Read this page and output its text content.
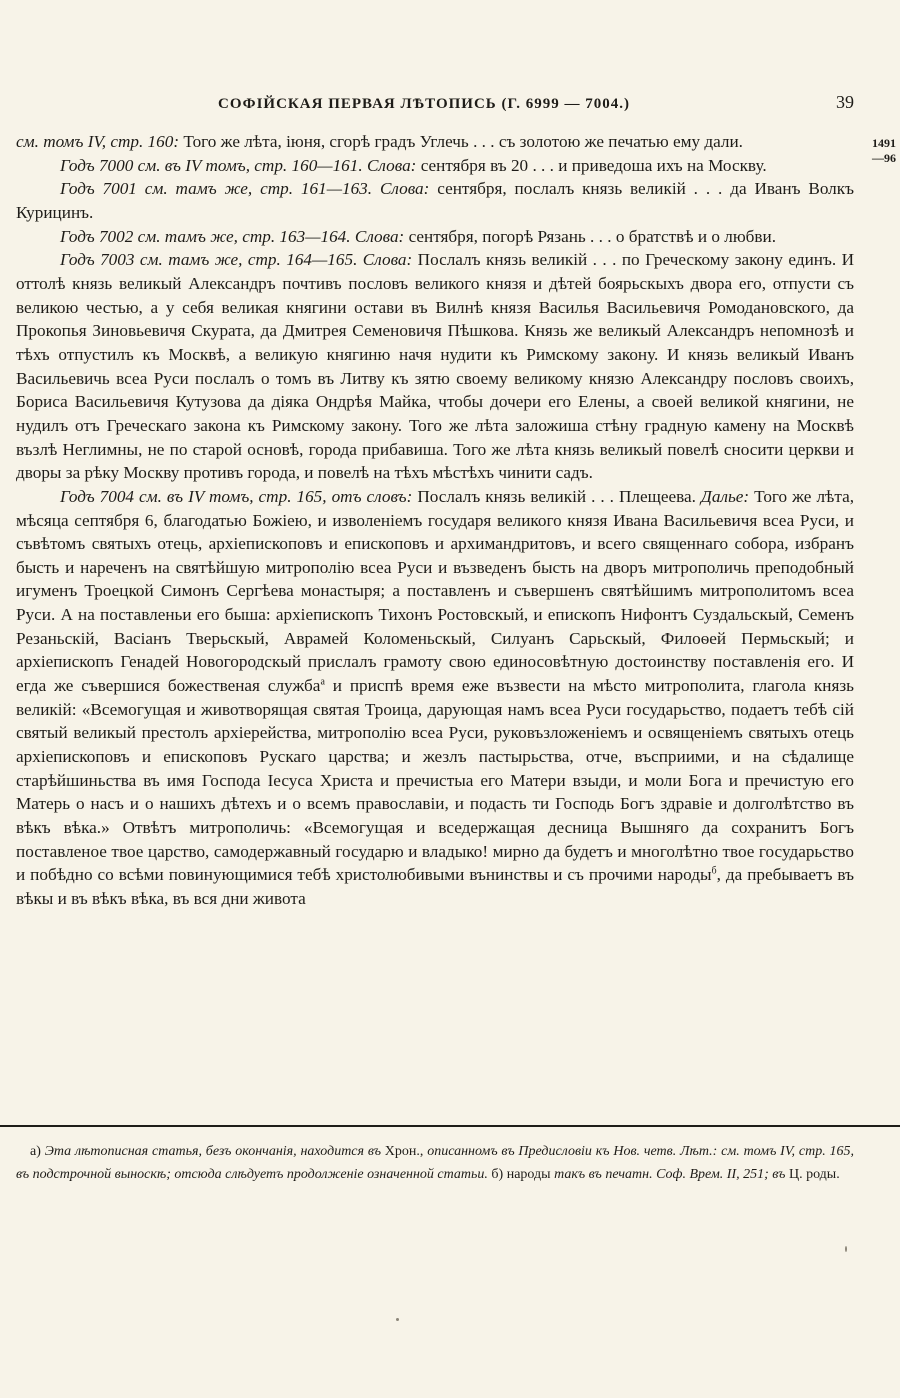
СОФІЙСКАЯ ПЕРВАЯ ЛѢТОПИСЬ (Г. 6999 — 7004.)	39
1491
—96

см. томъ IV, стр. 160: Того же лѣта, іюня, сгорѣ градъ Углечь . . . съ золотою же печатью ему дали.

Годъ 7000 см. въ IV томъ, стр. 160—161. Слова: сентября въ 20 . . . и приведоша ихъ на Москву.

Годъ 7001 см. тамъ же, стр. 161—163. Слова: сентября, послалъ князь великій . . . да Иванъ Волкъ Курицинъ.

Годъ 7002 см. тамъ же, стр. 163—164. Слова: сентября, погорѣ Рязань . . . о братствѣ и о любви.

Годъ 7003 см. тамъ же, стр. 164—165. Слова: Послалъ князь великій . . . по Греческому закону единъ. И оттолѣ князь великый Александръ почтивъ пословъ великого князя и дѣтей боярьскыхъ двора его, отпусти съ великою честью, а у себя великая княгини остави въ Вилнѣ князя Василья Васильевичя Ромодановского, да Прокопья Зиновьевичя Скурата, да Дмитрея Семеновичя Пѣшкова. Князь же великый Александръ непомнозѣ и тѣхъ отпустилъ къ Москвѣ, а великую княгиню начя нудити къ Римскому закону. И князь великый Иванъ Васильевичь всеа Руси послалъ о томъ въ Литву къ зятю своему великому князю Александру пословъ своихъ, Бориса Васильевичя Кутузова да діяка Ондрѣя Майка, чтобы дочери его Елены, а своей великой княгини, не нудилъ отъ Греческаго закона къ Римскому закону. Того же лѣта заложиша стѣну градную камену на Москвѣ възлѣ Неглимны, не по старой основѣ, города прибавиша. Того же лѣта князь великый повелѣ сносити церкви и дворы за рѣку Москву противъ города, и повелѣ на тѣхъ мѣстѣхъ чинити садъ.

Годъ 7004 см. въ IV томъ, стр. 165, отъ словъ: Послалъ князь великій . . . Плещеева. Далье: Того же лѣта, мѣсяца септября 6, благодатью Божіею, и изволеніемъ государя великого князя Ивана Васильевичя всеа Руси, и съвѣтомъ святыхъ отець, архіепископовъ и епископовъ и архимандритовъ, и всего священнаго собора, избранъ бысть и нареченъ на святѣйшую митрополію всеа Руси и възведенъ бысть на дворъ митрополичь преподобный игуменъ Троецкой Симонъ Сергѣева монастыря; а поставленъ и съвершенъ святѣйшимъ митрополитомъ всеа Руси. А на поставленьи его быша: архіепископъ Тихонъ Ростовскый, и епископъ Нифонтъ Суздальскый, Семенъ Резаньскій, Васіанъ Тверьскый, Аврамей Коломеньскый, Силуанъ Сарьскый, Филоѳей Пермьскый; и архіепископъ Генадей Новогородскый прислалъ грамоту свою единосовѣтную достоинству поставленія его. И егда же съвершися божественая служба$^а$ и приспѣ время еже възвести на мѣсто митрополита, глагола князь великій: «Всемогущая и животворящая святая Троица, дарующая намъ всеа Руси государьство, подаетъ тебѣ сій святый великый престолъ архіерейства, митрополію всеа Руси, руковъзложеніемъ и освященіемъ святыхъ отець архіепископовъ и епископовъ Рускаго царства; и жезлъ пастырьства, отче, въсприими, и на сѣдалище старѣйшиньства въ имя Господа Іесуса Христа и пречистыа его Матери взыди, и моли Бога и пречистую его Матерь о насъ и о нашихъ дѣтехъ и о всемъ православіи, и подасть ти Господь Богъ здравіе и долголѣтство въ вѣкъ вѣка.» Отвѣтъ митрополичь: «Всемогущая и вседержащая десница Вышняго да сохранитъ Богъ поставленое твое царство, самодержавный государю и владыко! мирно да будетъ и многолѣтно твое государьство и побѣдно со всѣми повинующимися тебѣ христолюбивыми вънинствы и съ прочими народы$^б$, да пребываетъ въ вѣкы и въ вѣкъ вѣка, въ вся дни живота

а) Эта лѣтописная статья, безъ окончанія, находится въ Хрон., описанномъ въ Предисловіи къ Нов. четв. Лѣт.: см. томъ IV, стр. 165, въ подстрочной выноскѣ; отсюда слѣдуетъ продолженіе означенной статьи. б) народы такъ въ печатн. Соф. Врем. II, 251; въ Ц. роды.
